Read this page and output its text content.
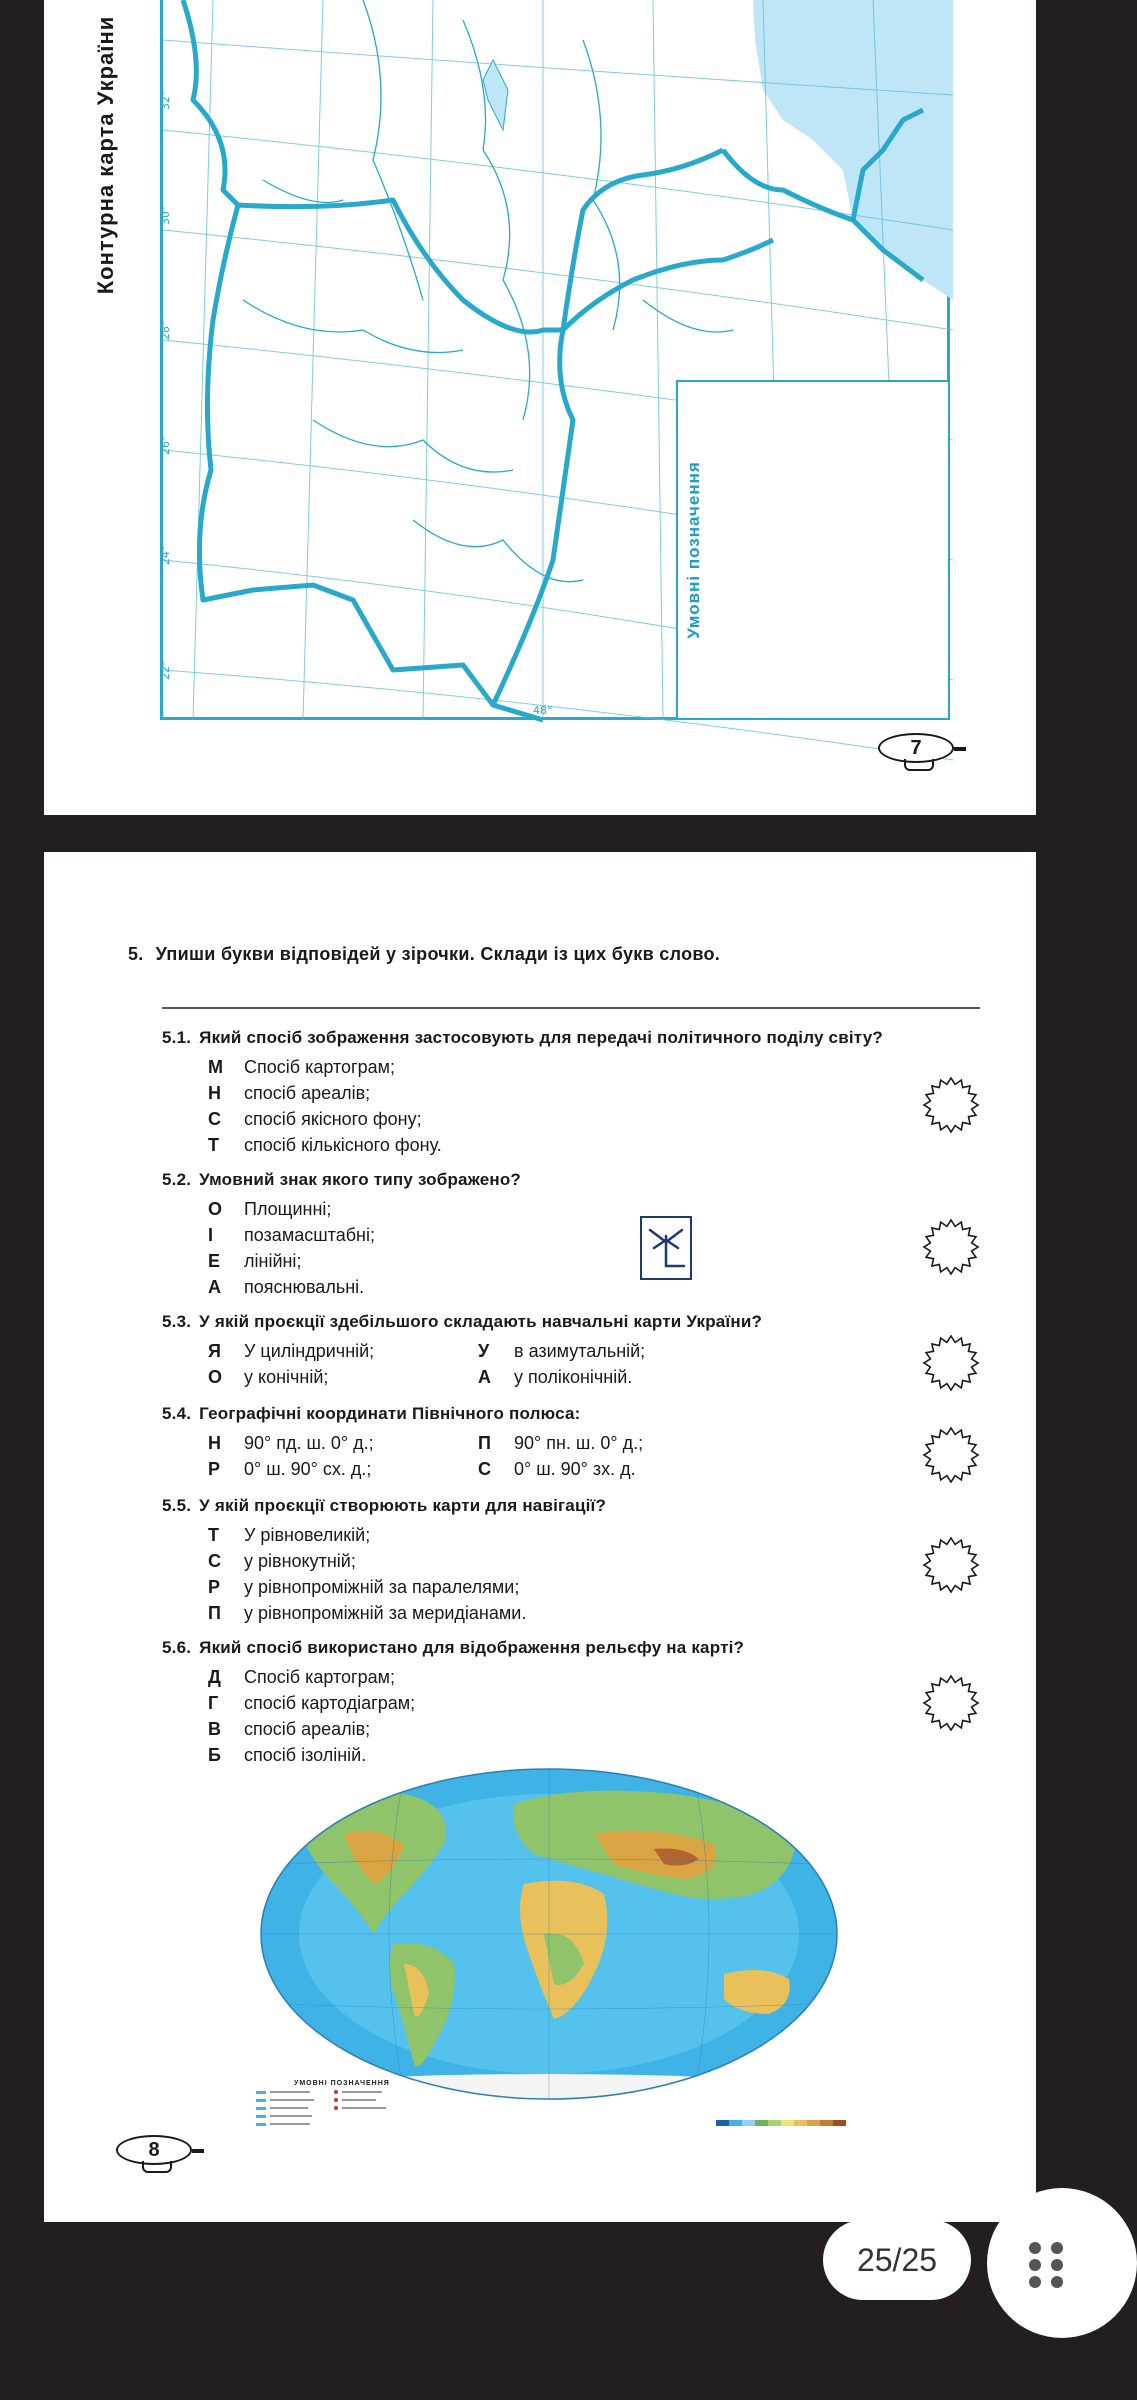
Контурна карта України	32°
30°
28°
26°
24°
22°
48°
Умовні позначення
7
5. Упиши букви відповідей у зірочки. Склади із цих букв слово.
5.1. Який спосіб зображення застосовують для передачі політичного поділу світу?
М Спосіб картограм;
Н спосіб ареалів;
С спосіб якісного фону;
Т спосіб кількісного фону.
5.2. Умовний знак якого типу зображено?
О Площинні;
І позамасштабні;
Е лінійні;
А пояснювальні.
5.3. У якій проєкції здебільшого складають навчальні карти України?
Я У циліндричній;	У в азимутальній;
О у конічній;	А у поліконічній.
5.4. Географічні координати Північного полюса:
Н 90° пд. ш. 0° д.;	П 90° пн. ш. 0° д.;
Р 0° ш. 90° сх. д.;	С 0° ш. 90° зх. д.
5.5. У якій проєкції створюють карти для навігації?
Т У рівновеликій;
С у рівнокутній;
Р у рівнопроміжній за паралелями;
П у рівнопроміжній за меридіанами.
5.6. Який спосіб використано для відображення рельєфу на карті?
Д Спосіб картограм;
Г спосіб картодіаграм;
В спосіб ареалів;
Б спосіб ізоліній.
УМОВНІ ПОЗНАЧЕННЯ
8
25/25
